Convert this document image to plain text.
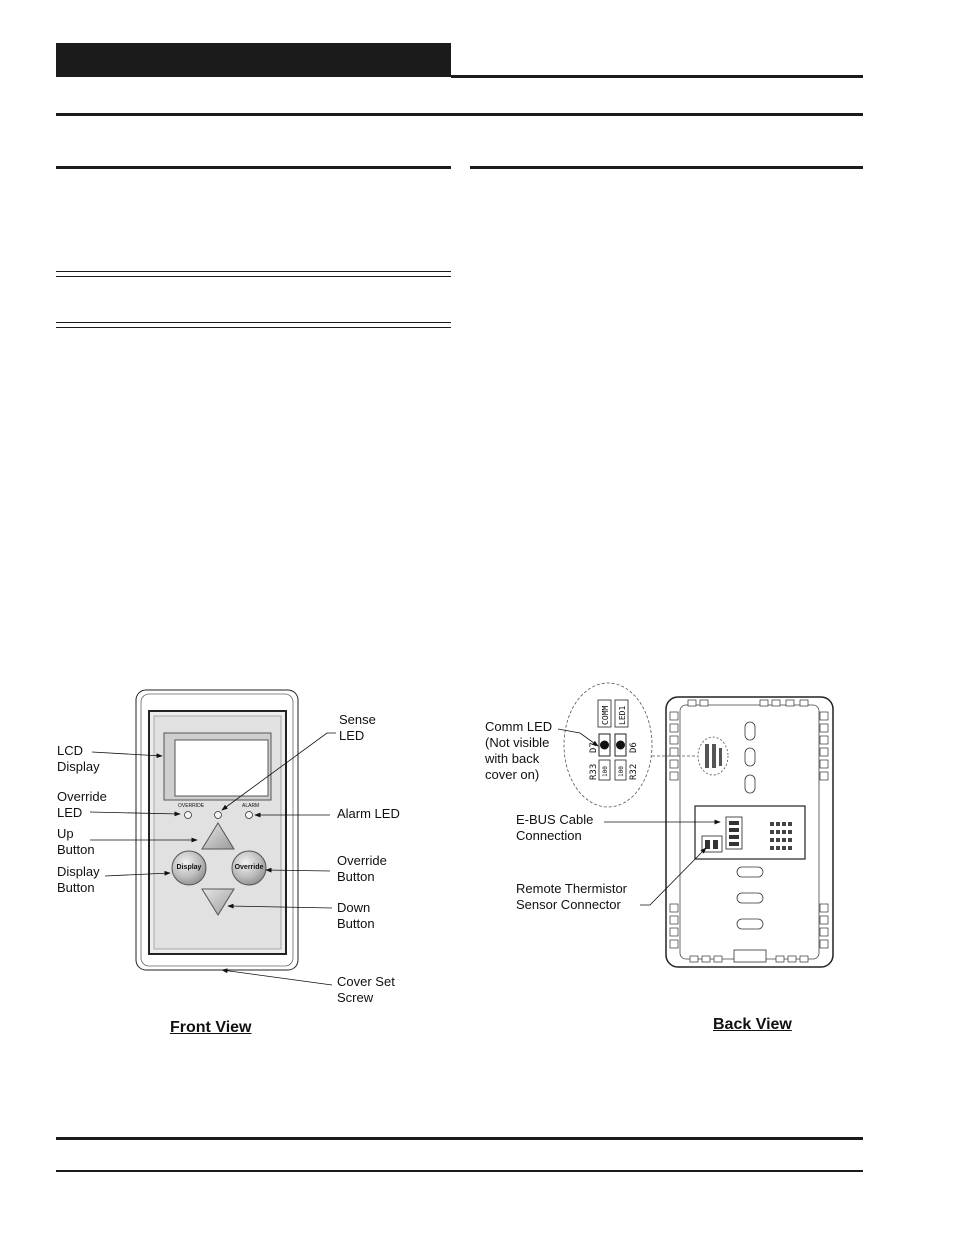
OVERRIDE	ALARM
Display	Override
LCD
Display
Override
LED
Up
Button
Display
Button
Sense
LED
Alarm LED
Override
Button
Down
Button
Cover Set
Screw
Front View
COMM LED1
D7
R33
D6
R32
100 100
Comm LED
(Not visible
with back
cover on)
E-BUS Cable
Connection
Remote Thermistor
Sensor Connector
Back View
